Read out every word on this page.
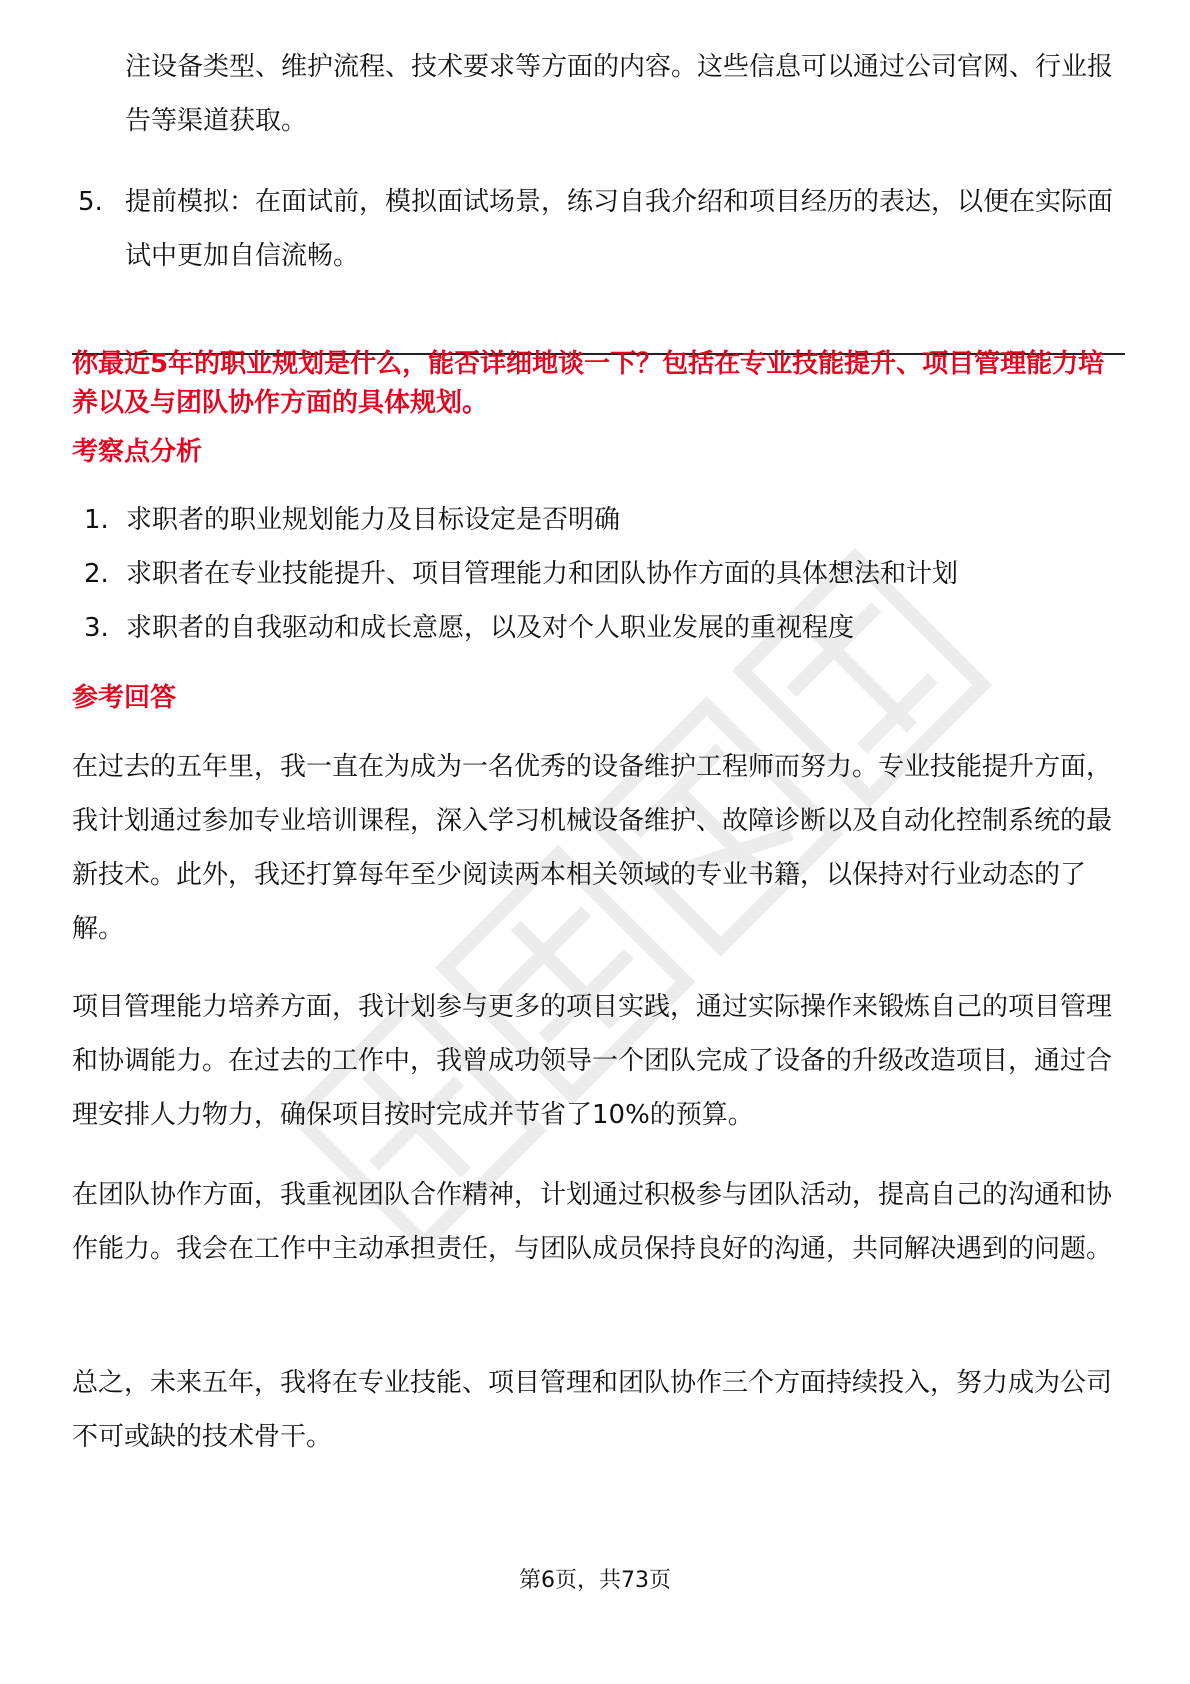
注设备类型、维护流程、技术要求等方面的内容。这些信息可以通过公司官网、行业报告等渠道获取。

5. 提前模拟：在面试前，模拟面试场景，练习自我介绍和项目经历的表达，以便在实际面试中更加自信流畅。

你最近5年的职业规划是什么，能否详细地谈一下？包括在专业技能提升、项目管理能力培养以及与团队协作方面的具体规划。

考察点分析

1. 求职者的职业规划能力及目标设定是否明确
2. 求职者在专业技能提升、项目管理能力和团队协作方面的具体想法和计划
3. 求职者的自我驱动和成长意愿，以及对个人职业发展的重视程度

参考回答

在过去的五年里，我一直在为成为一名优秀的设备维护工程师而努力。专业技能提升方面，我计划通过参加专业培训课程，深入学习机械设备维护、故障诊断以及自动化控制系统的最新技术。此外，我还打算每年至少阅读两本相关领域的专业书籍，以保持对行业动态的了解。

项目管理能力培养方面，我计划参与更多的项目实践，通过实际操作来锻炼自己的项目管理和协调能力。在过去的工作中，我曾成功领导一个团队完成了设备的升级改造项目，通过合理安排人力物力，确保项目按时完成并节省了10%的预算。

在团队协作方面，我重视团队合作精神，计划通过积极参与团队活动，提高自己的沟通和协作能力。我会在工作中主动承担责任，与团队成员保持良好的沟通，共同解决遇到的问题。

总之，未来五年，我将在专业技能、项目管理和团队协作三个方面持续投入，努力成为公司不可或缺的技术骨干。

第6页，共73页
